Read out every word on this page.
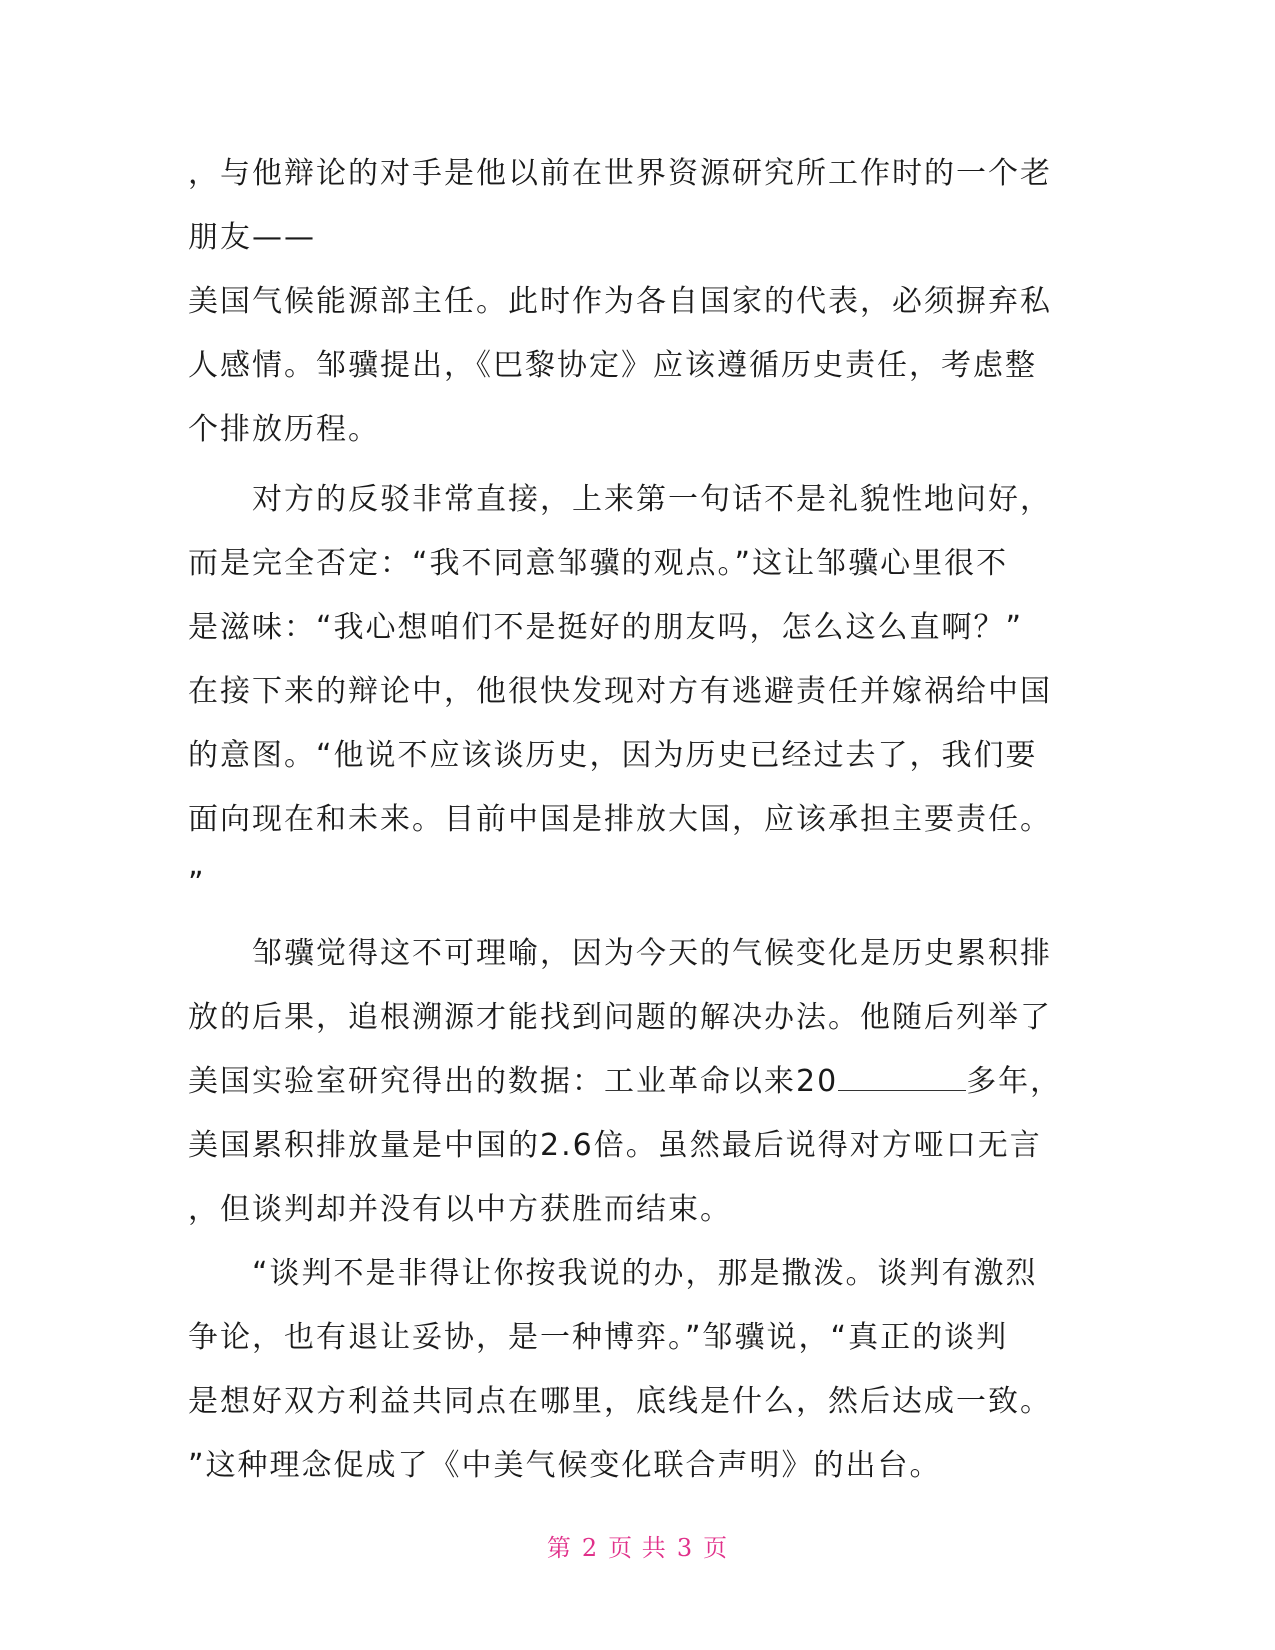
，与他辩论的对手是他以前在世界资源研究所工作时的一个老
朋友——
美国气候能源部主任。此时作为各自国家的代表，必须摒弃私
人感情。邹骥提出，《巴黎协定》应该遵循历史责任，考虑整
个排放历程。
　　对方的反驳非常直接，上来第一句话不是礼貌性地问好，
而是完全否定：“我不同意邹骥的观点。”这让邹骥心里很不
是滋味：“我心想咱们不是挺好的朋友吗，怎么这么直啊？”
在接下来的辩论中，他很快发现对方有逃避责任并嫁祸给中国
的意图。“他说不应该谈历史，因为历史已经过去了，我们要
面向现在和未来。目前中国是排放大国，应该承担主要责任。
”
　　邹骥觉得这不可理喻，因为今天的气候变化是历史累积排
放的后果，追根溯源才能找到问题的解决办法。他随后列举了
美国实验室研究得出的数据：工业革命以来20	多年，
美国累积排放量是中国的2.6倍。虽然最后说得对方哑口无言
，但谈判却并没有以中方获胜而结束。
　　“谈判不是非得让你按我说的办，那是撒泼。谈判有激烈
争论，也有退让妥协，是一种博弈。”邹骥说，“真正的谈判
是想好双方利益共同点在哪里，底线是什么，然后达成一致。
”这种理念促成了《中美气候变化联合声明》的出台。
第 2 页 共 3 页
